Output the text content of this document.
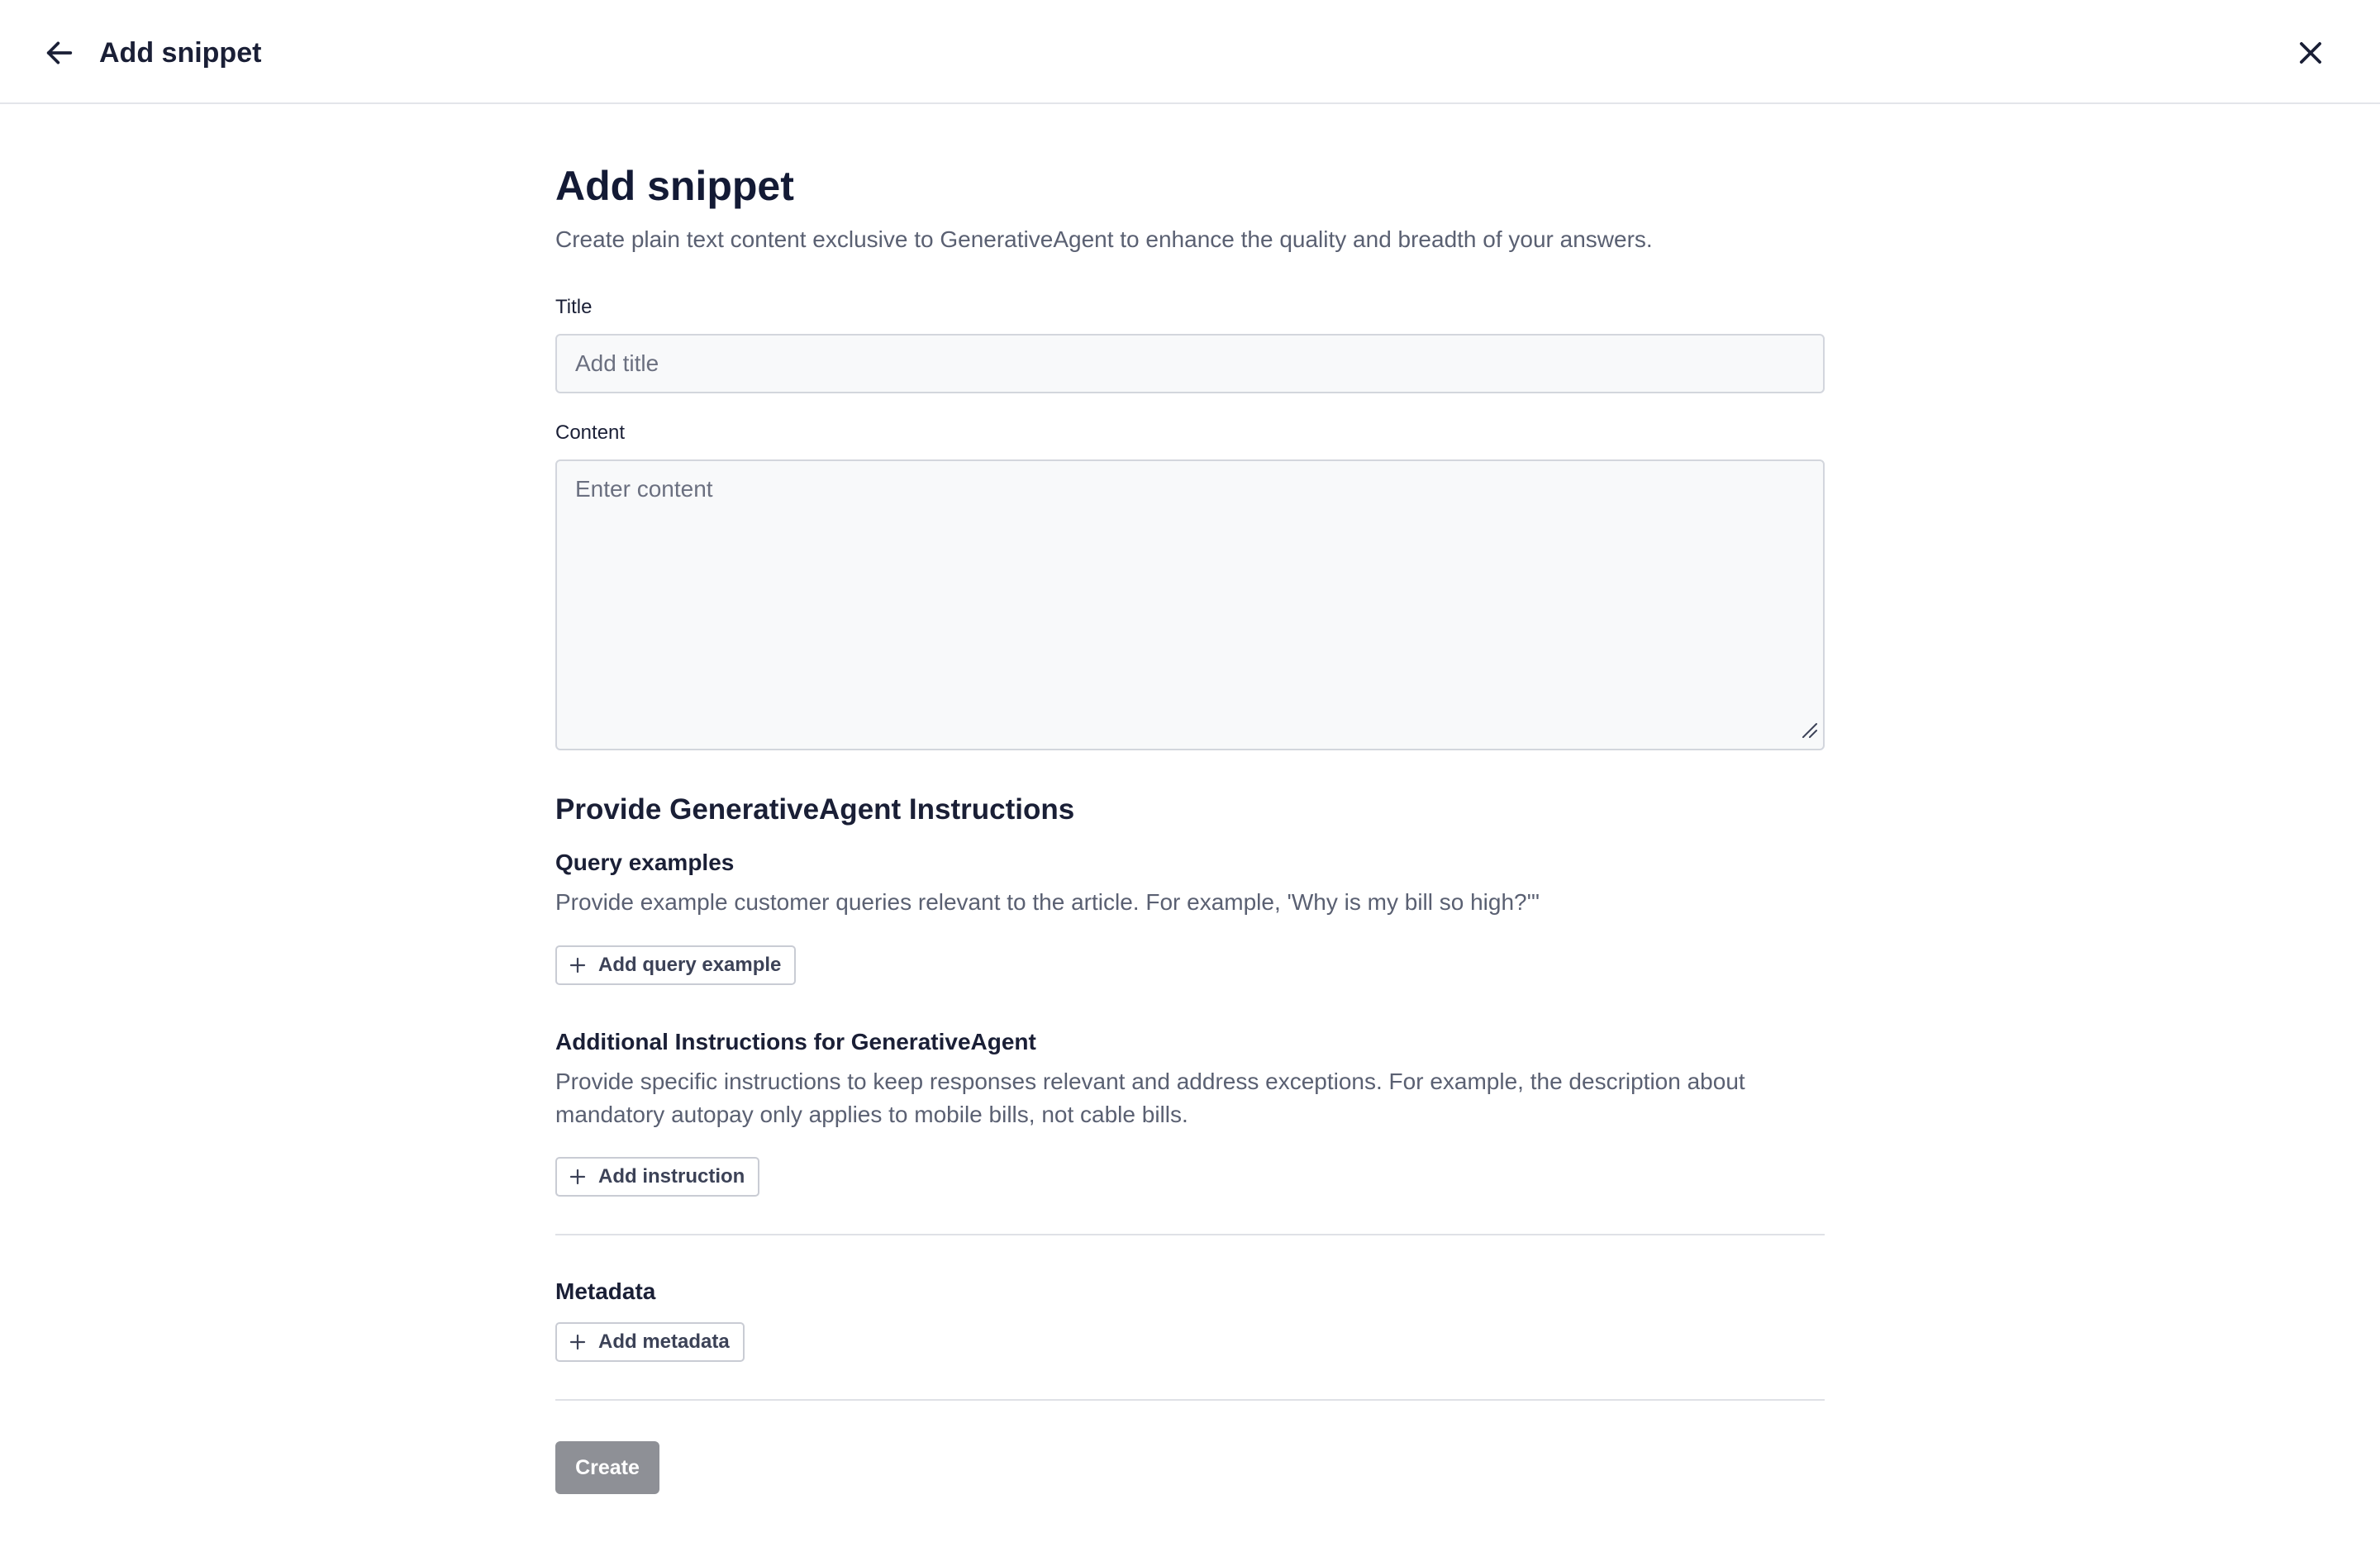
Add snippet
Add snippet
Create plain text content exclusive to GenerativeAgent to enhance the quality and breadth of your answers.
Title
Add title
Content
Enter content
Provide GenerativeAgent Instructions
Query examples
Provide example customer queries relevant to the article. For example, 'Why is my bill so high?'"
Add query example
Additional Instructions for GenerativeAgent
Provide specific instructions to keep responses relevant and address exceptions. For example, the description about mandatory autopay only applies to mobile bills, not cable bills.
Add instruction
Metadata
Add metadata
Create
